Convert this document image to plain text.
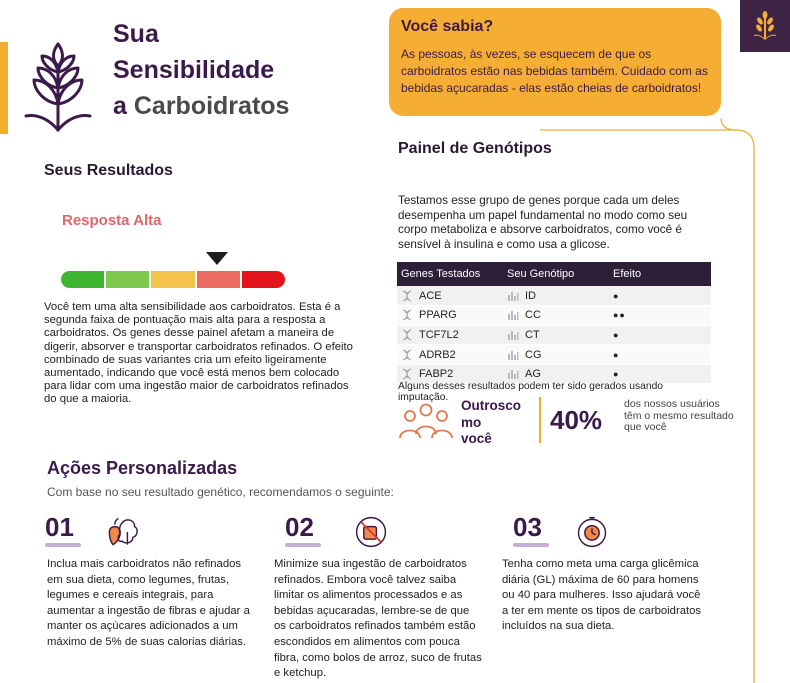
Sua
Sensibilidade
a Carboidratos
Você sabia?
As pessoas, às vezes, se esquecem de que os carboidratos estão nas bebidas também. Cuidado com as bebidas açucaradas - elas estão cheias de carboidratos!
Seus Resultados
Resposta Alta
Você tem uma alta sensibilidade aos carboidratos. Esta é a segunda faixa de pontuação mais alta para a resposta a carboidratos. Os genes desse painel afetam a maneira de digerir, absorver e transportar carboidratos refinados. O efeito combinado de suas variantes cria um efeito ligeiramente aumentado, indicando que você está menos bem colocado para lidar com uma ingestão maior de carboidratos refinados do que a maioria.
Painel de Genótipos
Testamos esse grupo de genes porque cada um deles desempenha um papel fundamental no modo como seu corpo metaboliza e absorve carboidratos, como você é sensível à insulina e como usa a glicose.
Genes Testados	Seu Genótipo	Efeito

ACE	ID	●

PPARG	CC	●●

TCF7L2	CT	●

ADRB2	CG	●

FABP2	AG	●
Alguns desses resultados podem ter sido gerados usando imputação.
Outrosco
mo
você
40%
dos nossos usuários têm o mesmo resultado que você
Ações Personalizadas
Com base no seu resultado genético, recomendamos o seguinte:
01
Inclua mais carboidratos não refinados em sua dieta, como legumes, frutas, legumes e cereais integrais, para aumentar a ingestão de fibras e ajudar a manter os açúcares adicionados a um máximo de 5% de suas calorias diárias.
02
Minimize sua ingestão de carboidratos refinados. Embora você talvez saiba limitar os alimentos processados e as bebidas açucaradas, lembre-se de que os carboidratos refinados também estão escondidos em alimentos com pouca fibra, como bolos de arroz, suco de frutas e ketchup.
03
Tenha como meta uma carga glicêmica diária (GL) máxima de 60 para homens ou 40 para mulheres. Isso ajudará você a ter em mente os tipos de carboidratos incluídos na sua dieta.
